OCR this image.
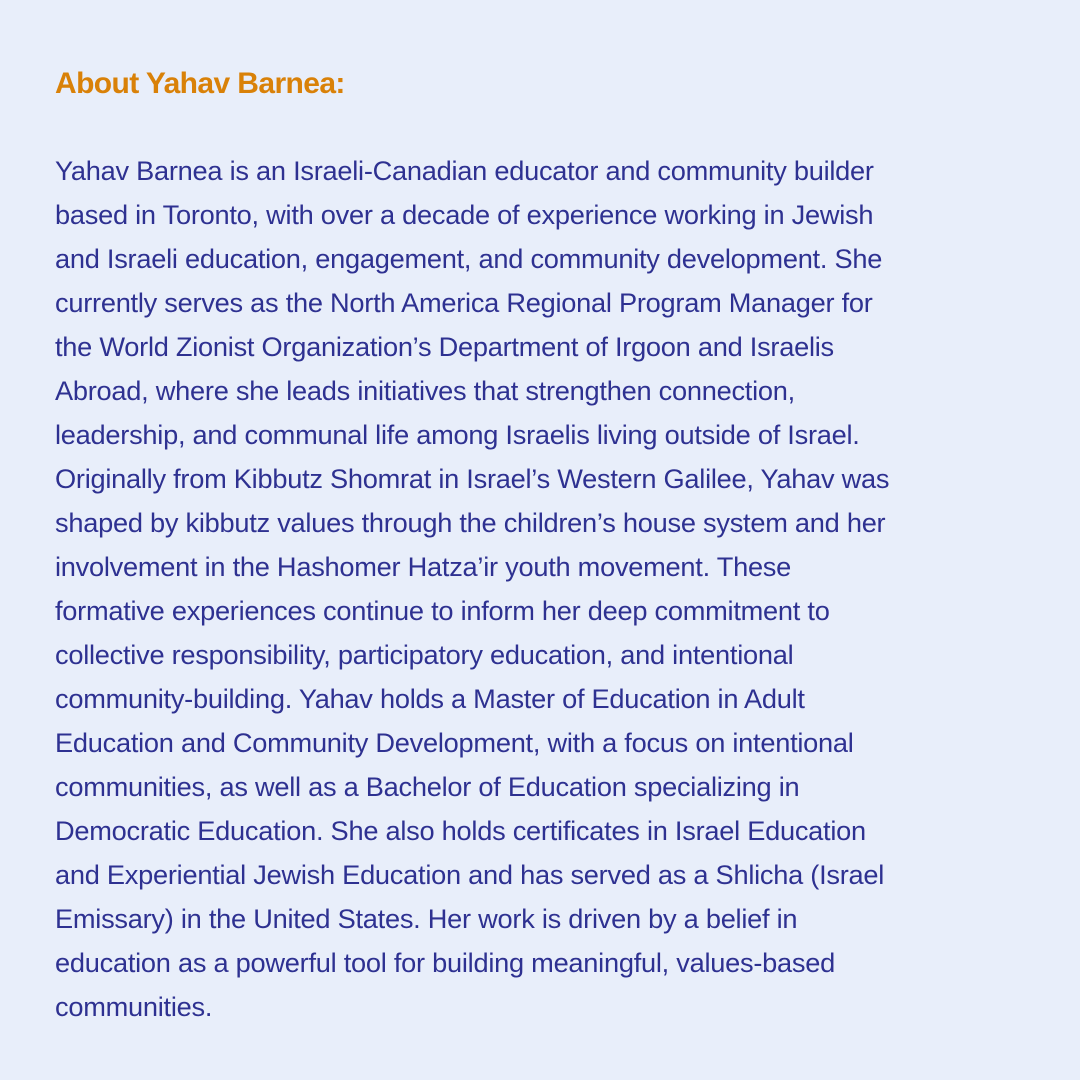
About Yahav Barnea:

Yahav Barnea is an Israeli-Canadian educator and community builder
based in Toronto, with over a decade of experience working in Jewish
and Israeli education, engagement, and community development. She
currently serves as the North America Regional Program Manager for
the World Zionist Organization’s Department of Irgoon and Israelis
Abroad, where she leads initiatives that strengthen connection,
leadership, and communal life among Israelis living outside of Israel.
Originally from Kibbutz Shomrat in Israel’s Western Galilee, Yahav was
shaped by kibbutz values through the children’s house system and her
involvement in the Hashomer Hatza’ir youth movement. These
formative experiences continue to inform her deep commitment to
collective responsibility, participatory education, and intentional
community-building. Yahav holds a Master of Education in Adult
Education and Community Development, with a focus on intentional
communities, as well as a Bachelor of Education specializing in
Democratic Education. She also holds certificates in Israel Education
and Experiential Jewish Education and has served as a Shlicha (Israel
Emissary) in the United States. Her work is driven by a belief in
education as a powerful tool for building meaningful, values-based
communities.
